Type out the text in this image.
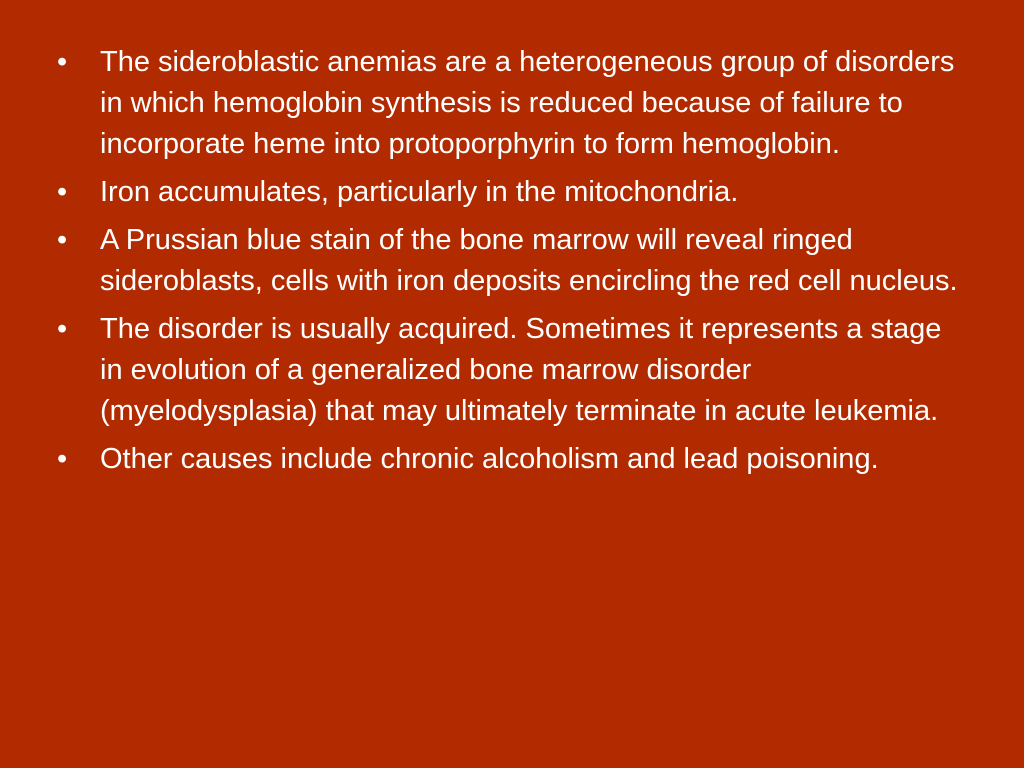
•	The sideroblastic anemias are a heterogeneous group of disorders in which hemoglobin synthesis is reduced because of failure to incorporate heme into protoporphyrin to form hemoglobin.
•	Iron accumulates, particularly in the mitochondria.
•	A Prussian blue stain of the bone marrow will reveal ringed sideroblasts, cells with iron deposits encircling the red cell nucleus.
•	The disorder is usually acquired. Sometimes it represents a stage in evolution of a generalized bone marrow disorder (myelodysplasia) that may ultimately terminate in acute leukemia.
•	Other causes include chronic alcoholism and lead poisoning.
